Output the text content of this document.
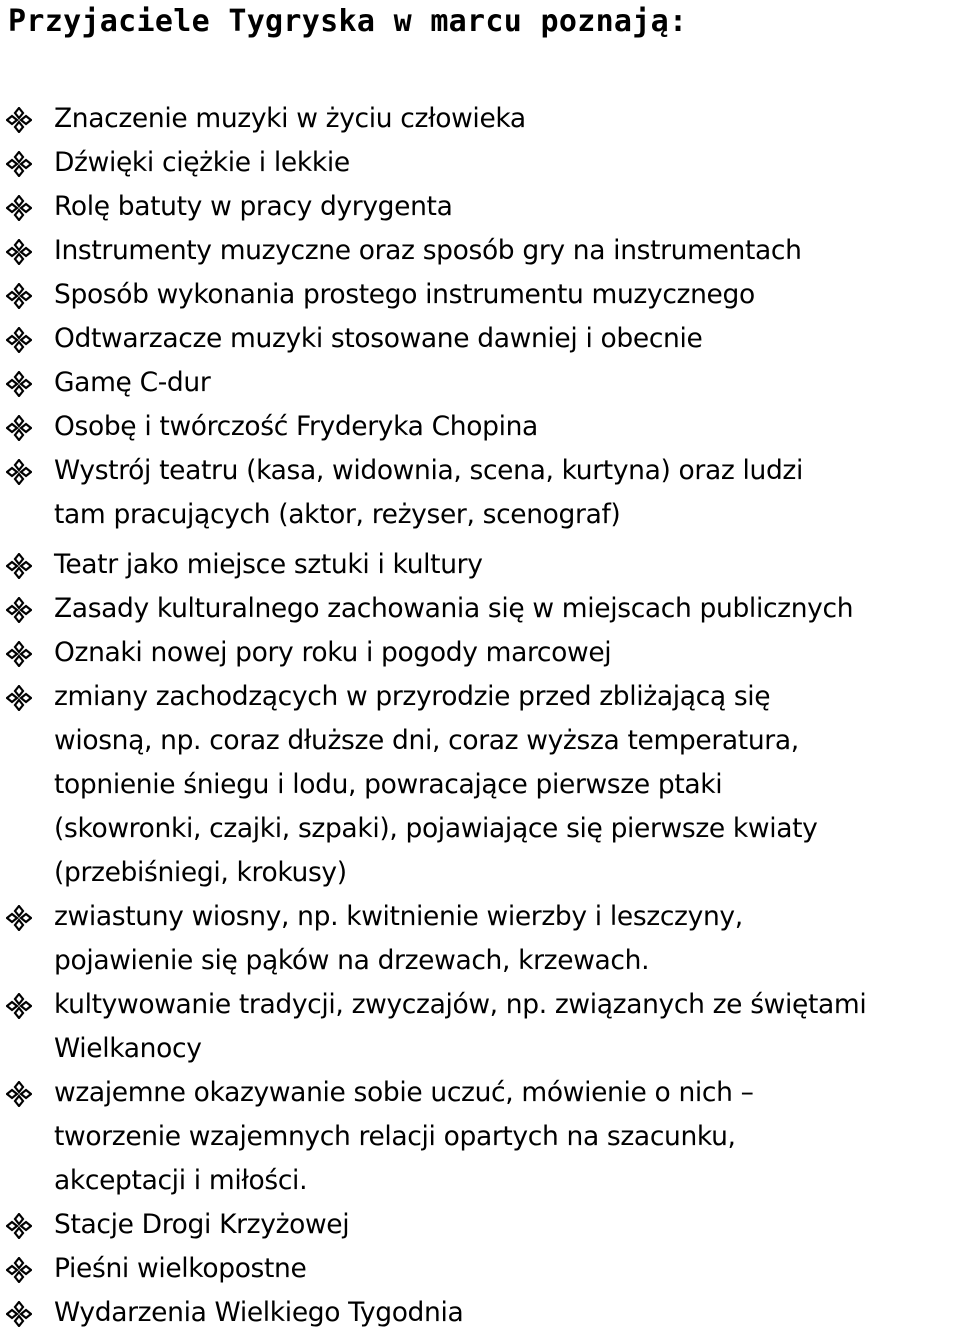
Przyjaciele Tygryska w marcu poznają:
Znaczenie muzyki w życiu człowieka
Dźwięki ciężkie i lekkie
Rolę batuty w pracy dyrygenta
Instrumenty muzyczne oraz sposób gry na instrumentach
Sposób wykonania prostego instrumentu muzycznego
Odtwarzacze muzyki stosowane dawniej i obecnie
Gamę C-dur
Osobę i twórczość Fryderyka Chopina
Wystrój teatru (kasa, widownia, scena, kurtyna) oraz ludzi
tam pracujących (aktor, reżyser, scenograf)
Teatr jako miejsce sztuki i kultury
Zasady kulturalnego zachowania się w miejscach publicznych
Oznaki nowej pory roku i pogody marcowej
zmiany zachodzących w przyrodzie przed zbliżającą się
wiosną, np. coraz dłuższe dni, coraz wyższa temperatura,
topnienie śniegu i lodu, powracające pierwsze ptaki
(skowronki, czajki, szpaki), pojawiające się pierwsze kwiaty
(przebiśniegi, krokusy)
zwiastuny wiosny, np. kwitnienie wierzby i leszczyny,
pojawienie się pąków na drzewach, krzewach.
kultywowanie tradycji, zwyczajów, np. związanych ze świętami
Wielkanocy
wzajemne okazywanie sobie uczuć, mówienie o nich –
tworzenie wzajemnych relacji opartych na szacunku,
akceptacji i miłości.
Stacje Drogi Krzyżowej
Pieśni wielkopostne
Wydarzenia Wielkiego Tygodnia
